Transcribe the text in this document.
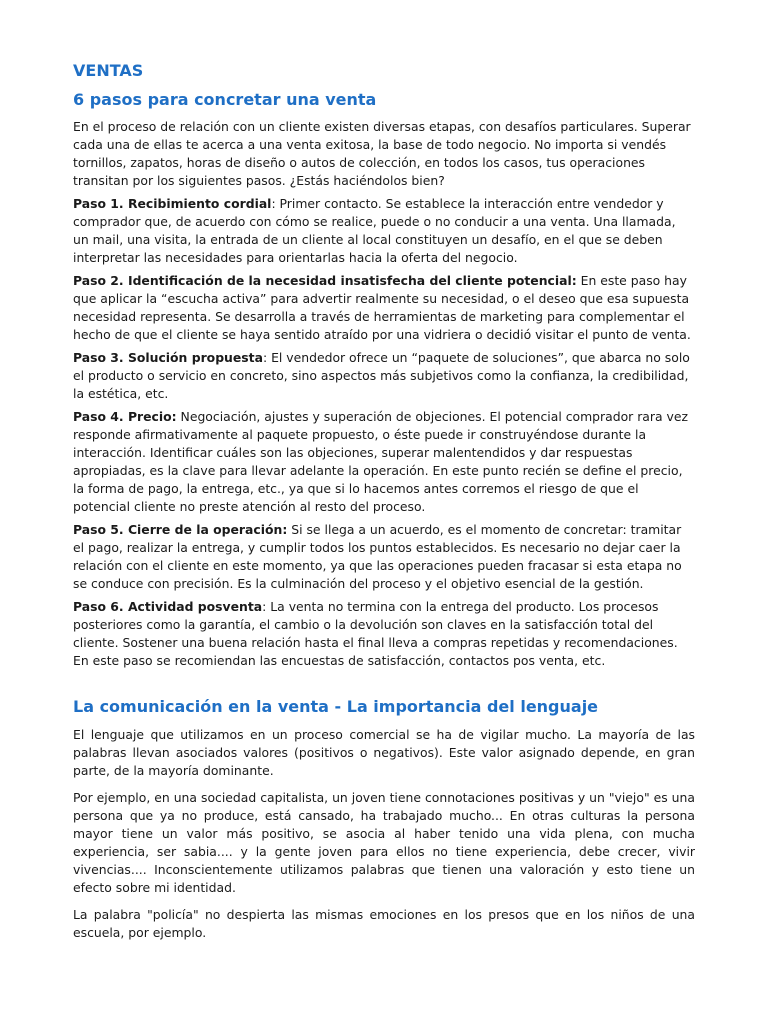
VENTAS
6 pasos para concretar una venta

En el proceso de relación con un cliente existen diversas etapas, con desafíos particulares. Superar cada una de ellas te acerca a una venta exitosa, la base de todo negocio. No importa si vendés tornillos, zapatos, horas de diseño o autos de colección, en todos los casos, tus operaciones transitan por los siguientes pasos. ¿Estás haciéndolos bien?

Paso 1. Recibimiento cordial: Primer contacto. Se establece la interacción entre vendedor y comprador que, de acuerdo con cómo se realice, puede o no conducir a una venta. Una llamada, un mail, una visita, la entrada de un cliente al local constituyen un desafío, en el que se deben interpretar las necesidades para orientarlas hacia la oferta del negocio.

Paso 2. Identificación de la necesidad insatisfecha del cliente potencial: En este paso hay que aplicar la “escucha activa” para advertir realmente su necesidad, o el deseo que esa supuesta necesidad representa. Se desarrolla a través de herramientas de marketing para complementar el hecho de que el cliente se haya sentido atraído por una vidriera o decidió visitar el punto de venta.

Paso 3. Solución propuesta: El vendedor ofrece un “paquete de soluciones”, que abarca no solo el producto o servicio en concreto, sino aspectos más subjetivos como la confianza, la credibilidad, la estética, etc.

Paso 4. Precio: Negociación, ajustes y superación de objeciones. El potencial comprador rara vez responde afirmativamente al paquete propuesto, o éste puede ir construyéndose durante la interacción. Identificar cuáles son las objeciones, superar malentendidos y dar respuestas apropiadas, es la clave para llevar adelante la operación. En este punto recién se define el precio, la forma de pago, la entrega, etc., ya que si lo hacemos antes corremos el riesgo de que el potencial cliente no preste atención al resto del proceso.

Paso 5. Cierre de la operación: Si se llega a un acuerdo, es el momento de concretar: tramitar el pago, realizar la entrega, y cumplir todos los puntos establecidos. Es necesario no dejar caer la relación con el cliente en este momento, ya que las operaciones pueden fracasar si esta etapa no se conduce con precisión. Es la culminación del proceso y el objetivo esencial de la gestión.

Paso 6. Actividad posventa: La venta no termina con la entrega del producto. Los procesos posteriores como la garantía, el cambio o la devolución son claves en la satisfacción total del cliente. Sostener una buena relación hasta el final lleva a compras repetidas y recomendaciones. En este paso se recomiendan las encuestas de satisfacción, contactos pos venta, etc.

La comunicación en la venta - La importancia del lenguaje

El lenguaje que utilizamos en un proceso comercial se ha de vigilar mucho. La mayoría de las palabras llevan asociados valores (positivos o negativos). Este valor asignado depende, en gran parte, de la mayoría dominante.

Por ejemplo, en una sociedad capitalista, un joven tiene connotaciones positivas y un "viejo" es una persona que ya no produce, está cansado, ha trabajado mucho... En otras culturas la persona mayor tiene un valor más positivo, se asocia al haber tenido una vida plena, con mucha experiencia, ser sabia.... y la gente joven para ellos no tiene experiencia, debe crecer, vivir vivencias.... Inconscientemente utilizamos palabras que tienen una valoración y esto tiene un efecto sobre mi identidad.

La palabra "policía" no despierta las mismas emociones en los presos que en los niños de una escuela, por ejemplo.
